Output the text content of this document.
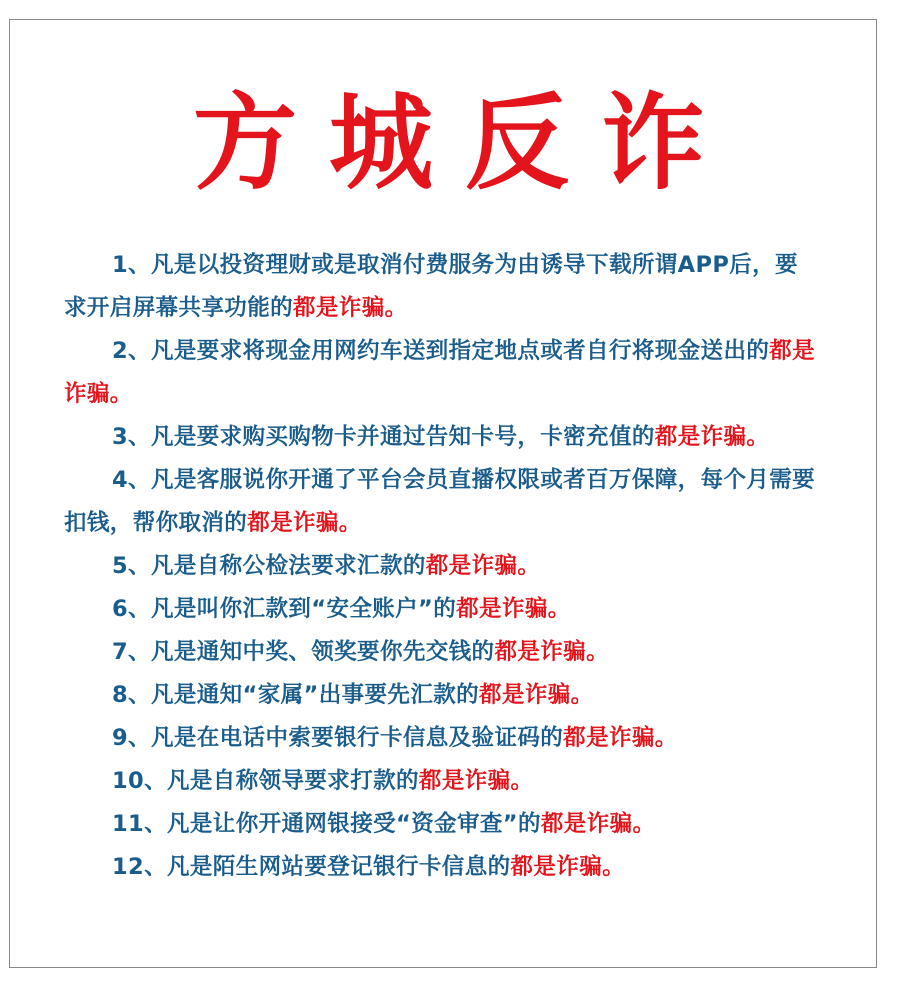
方城反诈
1、凡是以投资理财或是取消付费服务为由诱导下载所谓APP后，要求开启屏幕共享功能的都是诈骗。
2、凡是要求将现金用网约车送到指定地点或者自行将现金送出的都是诈骗。
3、凡是要求购买购物卡并通过告知卡号，卡密充值的都是诈骗。
4、凡是客服说你开通了平台会员直播权限或者百万保障，每个月需要扣钱，帮你取消的都是诈骗。
5、凡是自称公检法要求汇款的都是诈骗。
6、凡是叫你汇款到“安全账户”的都是诈骗。
7、凡是通知中奖、领奖要你先交钱的都是诈骗。
8、凡是通知“家属”出事要先汇款的都是诈骗。
9、凡是在电话中索要银行卡信息及验证码的都是诈骗。
10、凡是自称领导要求打款的都是诈骗。
11、凡是让你开通网银接受“资金审查”的都是诈骗。
12、凡是陌生网站要登记银行卡信息的都是诈骗。
